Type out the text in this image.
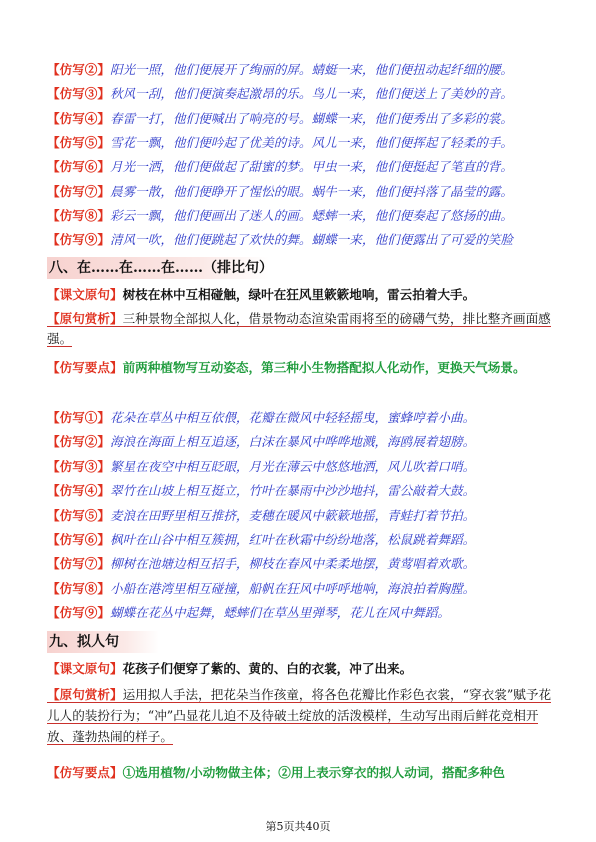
【仿写②】阳光一照，他们便展开了绚丽的屏。蜻蜓一来，他们便扭动起纤细的腰。
【仿写③】秋风一刮，他们便演奏起激昂的乐。鸟儿一来，他们便送上了美妙的音。
【仿写④】春雷一打，他们便喊出了响亮的号。蝴蝶一来，他们便秀出了多彩的裳。
【仿写⑤】雪花一飘，他们便吟起了优美的诗。风儿一来，他们便挥起了轻柔的手。
【仿写⑥】月光一洒，他们便做起了甜蜜的梦。甲虫一来，他们便挺起了笔直的背。
【仿写⑦】晨雾一散，他们便睁开了惺忪的眼。蜗牛一来，他们便抖落了晶莹的露。
【仿写⑧】彩云一飘，他们便画出了迷人的画。蟋蟀一来，他们便奏起了悠扬的曲。
【仿写⑨】清风一吹，他们便跳起了欢快的舞。蝴蝶一来，他们便露出了可爱的笑脸
八、在……在……在……（排比句）
【课文原句】树枝在林中互相碰触，绿叶在狂风里簌簌地响，雷云拍着大手。
【原句赏析】三种景物全部拟人化，借景物动态渲染雷雨将至的磅礴气势，排比整齐画面感强。
【仿写要点】前两种植物写互动姿态，第三种小生物搭配拟人化动作，更换天气场景。
【仿写①】花朵在草丛中相互依偎，花瓣在微风中轻轻摇曳，蜜蜂哼着小曲。
【仿写②】海浪在海面上相互追逐，白沫在暴风中哗哗地溅，海鸥展着翅膀。
【仿写③】繁星在夜空中相互眨眼，月光在薄云中悠悠地洒，风儿吹着口哨。
【仿写④】翠竹在山坡上相互挺立，竹叶在暴雨中沙沙地抖，雷公敲着大鼓。
【仿写⑤】麦浪在田野里相互推挤，麦穗在暖风中簌簌地摇，青蛙打着节拍。
【仿写⑥】枫叶在山谷中相互簇拥，红叶在秋霜中纷纷地落，松鼠跳着舞蹈。
【仿写⑦】柳树在池塘边相互招手，柳枝在春风中柔柔地摆，黄莺唱着欢歌。
【仿写⑧】小船在港湾里相互碰撞，船帆在狂风中呼呼地响，海浪拍着胸膛。
【仿写⑨】蝴蝶在花丛中起舞，蟋蟀们在草丛里弹琴，花儿在风中舞蹈。
九、拟人句
【课文原句】花孩子们便穿了紫的、黄的、白的衣裳，冲了出来。
【原句赏析】运用拟人手法，把花朵当作孩童，将各色花瓣比作彩色衣裳，“穿衣裳”赋予花儿人的装扮行为；“冲”凸显花儿迫不及待破土绽放的活泼模样，生动写出雨后鲜花竞相开放、蓬勃热闹的样子。
【仿写要点】①选用植物/小动物做主体；②用上表示穿衣的拟人动词，搭配多种色
第5页共40页
